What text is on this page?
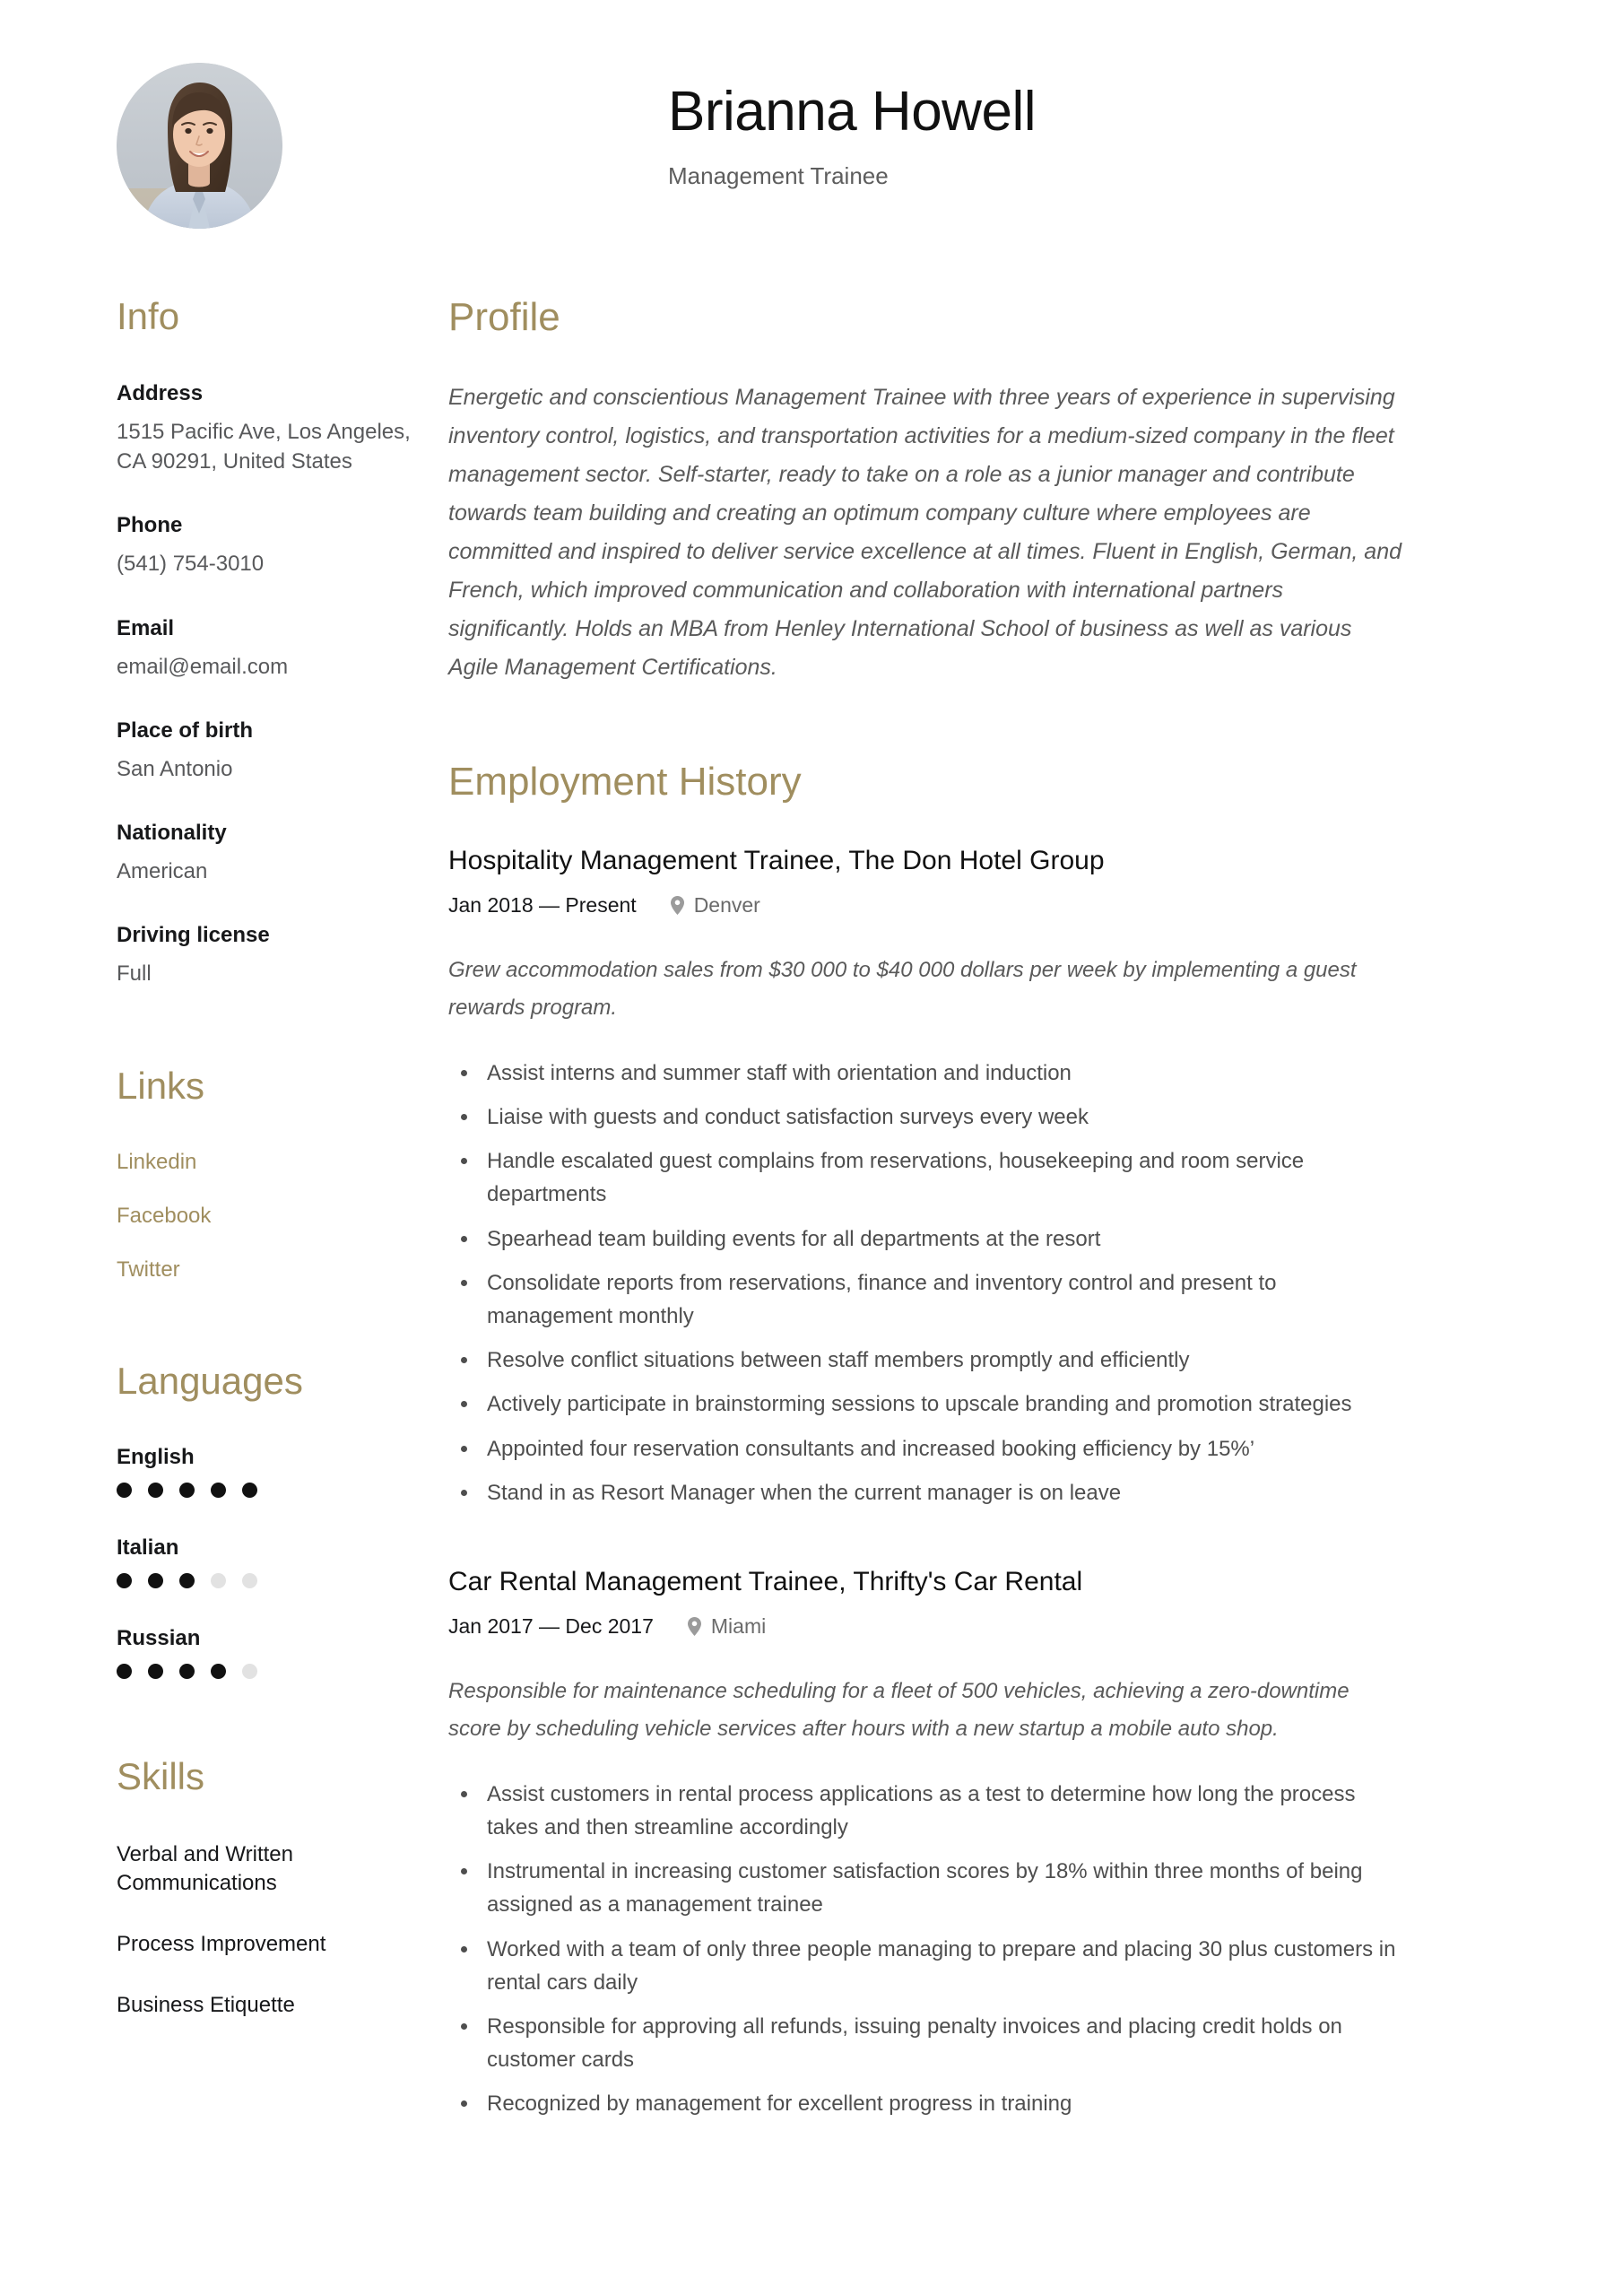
Brianna Howell
Management Trainee
Info
Address
1515 Pacific Ave, Los Angeles, CA 90291, United States
Phone
(541) 754-3010
Email
email@email.com
Place of birth
San Antonio
Nationality
American
Driving license
Full
Links
Linkedin
Facebook
Twitter
Languages
English
Italian
Russian
Skills
Verbal and Written Communications
Process Improvement
Business Etiquette
Profile

Energetic and conscientious Management Trainee with three years of experience in supervising inventory control, logistics, and transportation activities for a medium-sized company in the fleet management sector. Self-starter, ready to take on a role as a junior manager and contribute towards team building and creating an optimum company culture where employees are committed and inspired to deliver service excellence at all times. Fluent in English, German, and French, which improved communication and collaboration with international partners significantly. Holds an MBA from Henley International School of business as well as various Agile Management Certifications.

Employment History
Hospitality Management Trainee, The Don Hotel Group
Jan 2018 — Present	Denver

Grew accommodation sales from $30 000 to $40 000 dollars per week by implementing a guest rewards program.

Assist interns and summer staff with orientation and induction
Liaise with guests and conduct satisfaction surveys every week
Handle escalated guest complains from reservations, housekeeping and room service departments
Spearhead team building events for all departments at the resort
Consolidate reports from reservations, finance and inventory control and present to management monthly
Resolve conflict situations between staff members promptly and efficiently
Actively participate in brainstorming sessions to upscale branding and promotion strategies
Appointed four reservation consultants and increased booking efficiency by 15%’
Stand in as Resort Manager when the current manager is on leave
Car Rental Management Trainee, Thrifty's Car Rental
Jan 2017 — Dec 2017	Miami

Responsible for maintenance scheduling for a fleet of 500 vehicles, achieving a zero-downtime score by scheduling vehicle services after hours with a new startup a mobile auto shop.

Assist customers in rental process applications as a test to determine how long the process takes and then streamline accordingly
Instrumental in increasing customer satisfaction scores by 18% within three months of being assigned as a management trainee
Worked with a team of only three people managing to prepare and placing 30 plus customers in rental cars daily
Responsible for approving all refunds, issuing penalty invoices and placing credit holds on customer cards
Recognized by management for excellent progress in training
